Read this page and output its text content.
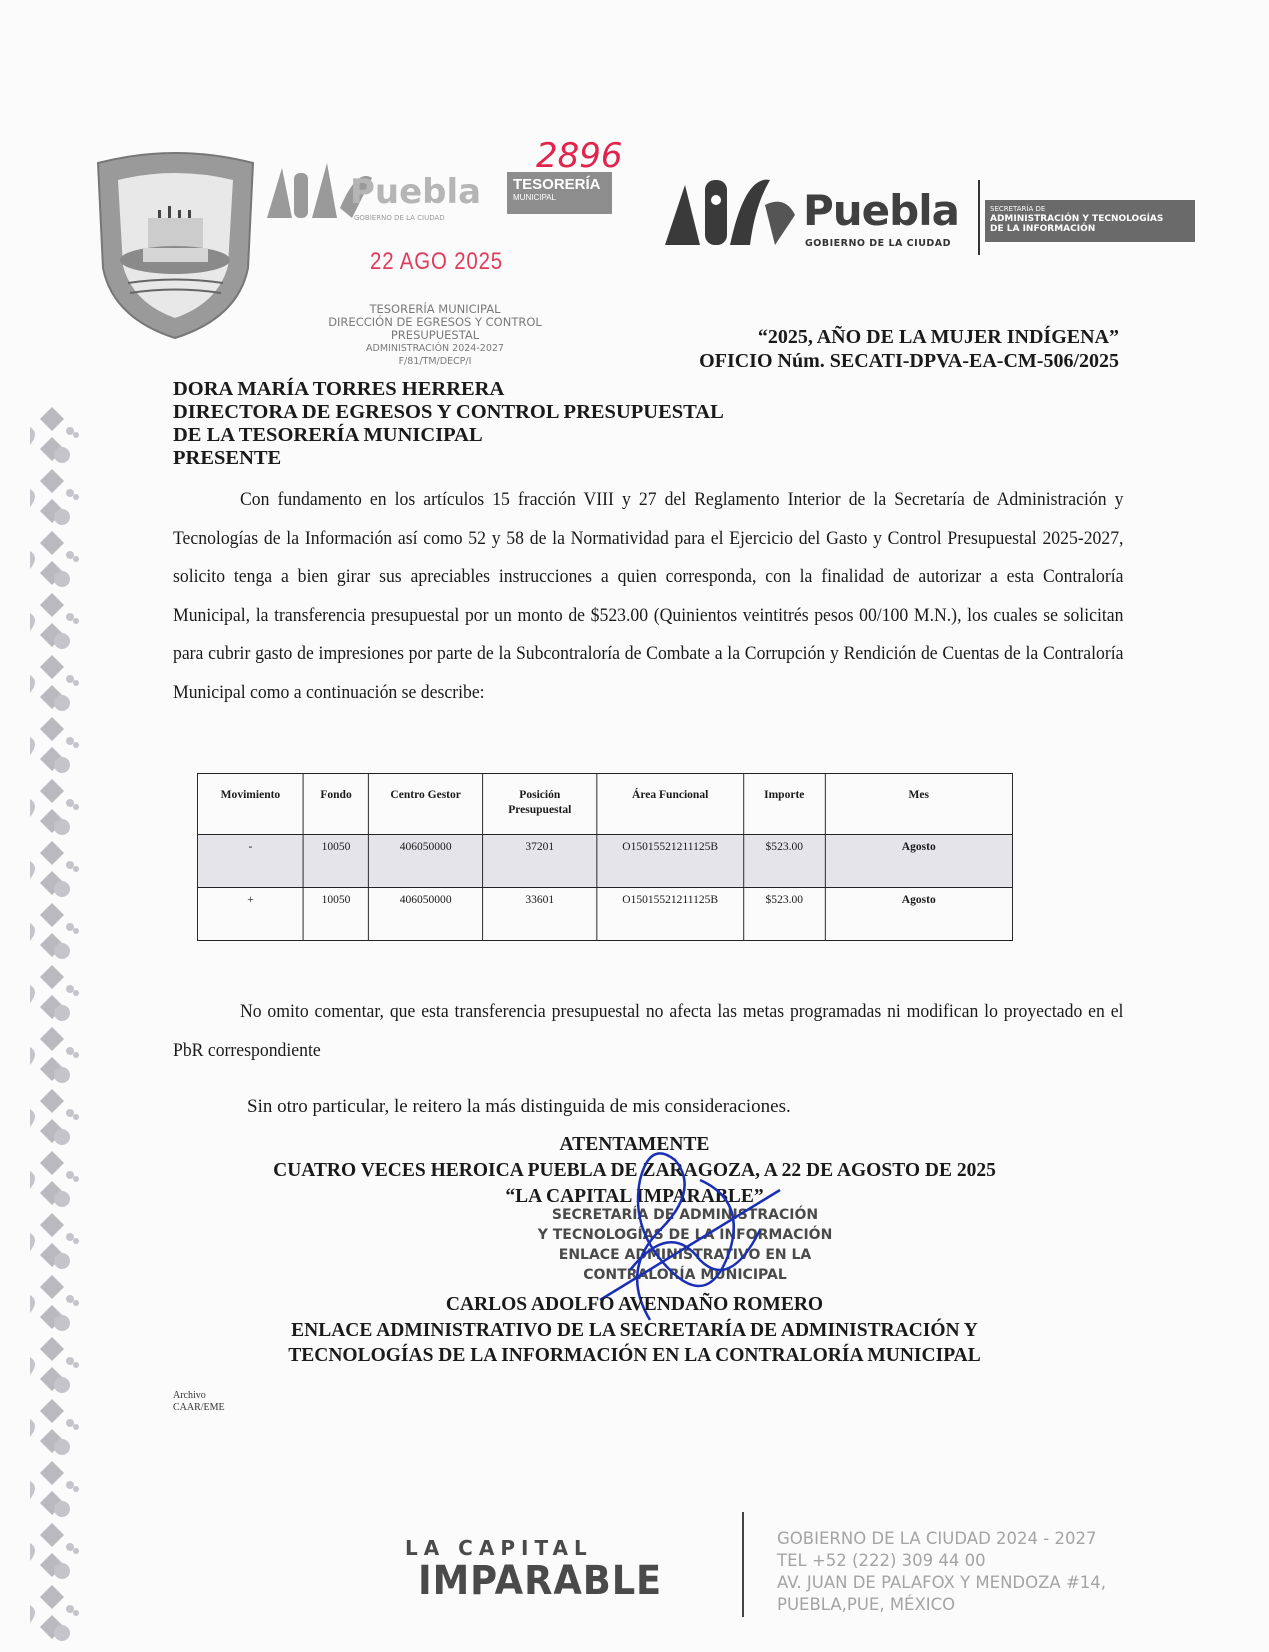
Puebla
GOBIERNO DE LA CIUDAD
TESORERÍA
MUNICIPAL
2896
22 AGO 2025
TESORERÍA MUNICIPAL
DIRECCIÓN DE EGRESOS Y CONTROL
PRESUPUESTAL
ADMINISTRACIÓN 2024-2027
F/81/TM/DECP/I
Puebla
GOBIERNO DE LA CIUDAD
SECRETARÍA DE
ADMINISTRACIÓN Y TECNOLOGÍAS
DE LA INFORMACIÓN
“2025, AÑO DE LA MUJER INDÍGENA”
OFICIO Núm. SECATI-DPVA-EA-CM-506/2025
DORA MARÍA TORRES HERRERA
DIRECTORA DE EGRESOS Y CONTROL PRESUPUESTAL
DE LA TESORERÍA MUNICIPAL
PRESENTE
Con fundamento en los artículos 15 fracción VIII y 27 del Reglamento Interior de la Secretaría de Administración y Tecnologías de la Información así como 52 y 58 de la Normatividad para el Ejercicio del Gasto y Control Presupuestal 2025-2027, solicito tenga a bien girar sus apreciables instrucciones a quien corresponda, con la finalidad de autorizar a esta Contraloría Municipal, la transferencia presupuestal por un monto de $523.00 (Quinientos veintitrés pesos 00/100 M.N.), los cuales se solicitan para cubrir gasto de impresiones por parte de la Subcontraloría de Combate a la Corrupción y Rendición de Cuentas de la Contraloría Municipal como a continuación se describe:
Movimiento	Fondo	Centro Gestor	Posición Presupuestal	Área Funcional	Importe	Mes
-	10050	406050000	37201	O15015521211125B	$523.00	Agosto
+	10050	406050000	33601	O15015521211125B	$523.00	Agosto
No omito comentar, que esta transferencia presupuestal no afecta las metas programadas ni modifican lo proyectado en el PbR correspondiente
Sin otro particular, le reitero la más distinguida de mis consideraciones.
ATENTAMENTE
CUATRO VECES HEROICA PUEBLA DE ZARAGOZA, A 22 DE AGOSTO DE 2025
“LA CAPITAL IMPARABLE”
SECRETARÍA DE ADMINISTRACIÓN
Y TECNOLOGÍAS DE LA INFORMACIÓN
ENLACE ADMINISTRATIVO EN LA
CONTRALORÍA MUNICIPAL
CARLOS ADOLFO AVENDAÑO ROMERO
ENLACE ADMINISTRATIVO DE LA SECRETARÍA DE ADMINISTRACIÓN Y
TECNOLOGÍAS DE LA INFORMACIÓN EN LA CONTRALORÍA MUNICIPAL
Archivo
CAAR/EME
LA CAPITAL
IMPARABLE
GOBIERNO DE LA CIUDAD 2024 - 2027
TEL +52 (222) 309 44 00
AV. JUAN DE PALAFOX Y MENDOZA #14,
PUEBLA,PUE, MÉXICO
